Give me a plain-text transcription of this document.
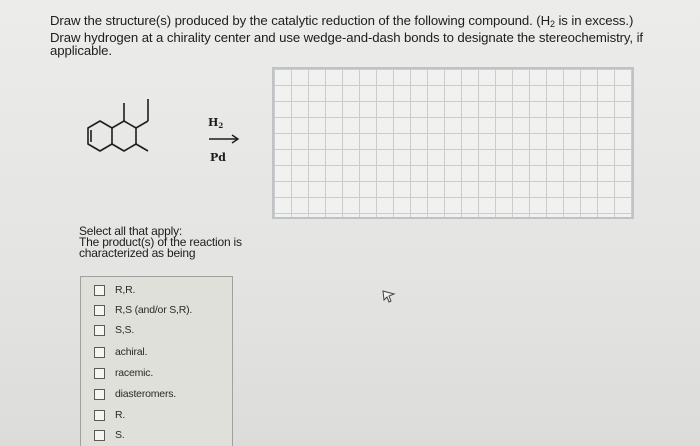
Draw the structure(s) produced by the catalytic reduction of the following compound. ($H_2$ is in excess.)
Draw hydrogen at a chirality center and use wedge-and-dash bonds to designate the stereochemistry, if
applicable.
$H_2$
Pd
Select all that apply:
The product(s) of the reaction is
characterized as being
R,R.
R,S (and/or S,R).
S,S.
achiral.
racemic.
diasteromers.
R.
S.
